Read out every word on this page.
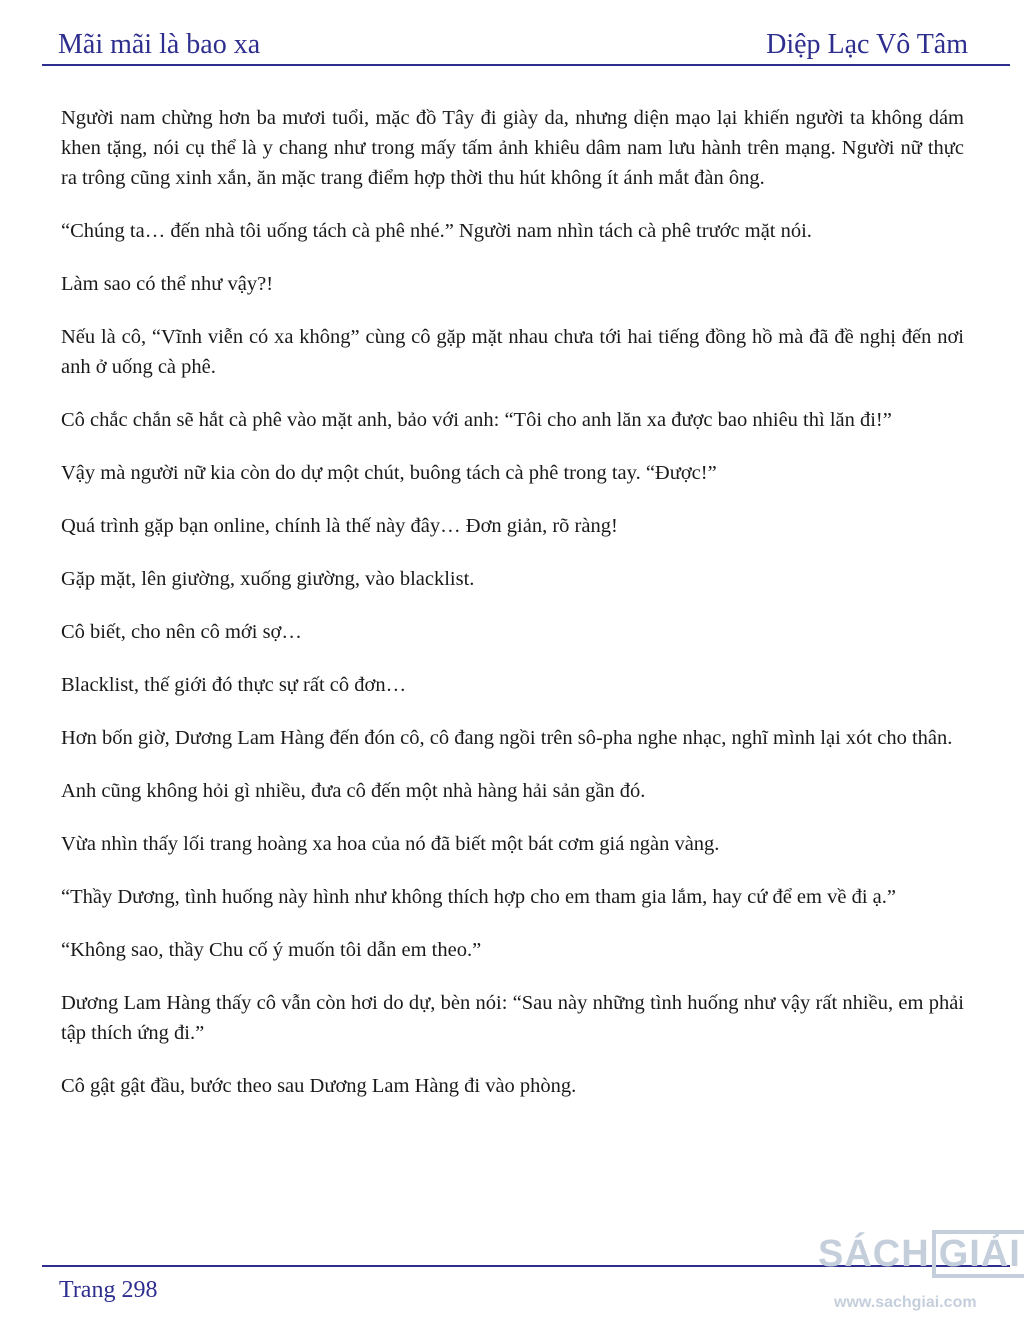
Mãi mãi là bao xa	Diệp Lạc Vô Tâm

Người nam chừng hơn ba mươi tuổi, mặc đồ Tây đi giày da, nhưng diện mạo lại khiến người ta không dám khen tặng, nói cụ thể là y chang như trong mấy tấm ảnh khiêu dâm nam lưu hành trên mạng. Người nữ thực ra trông cũng xinh xắn, ăn mặc trang điểm hợp thời thu hút không ít ánh mắt đàn ông.

“Chúng ta… đến nhà tôi uống tách cà phê nhé.” Người nam nhìn tách cà phê trước mặt nói.

Làm sao có thể như vậy?!

Nếu là cô, “Vĩnh viễn có xa không” cùng cô gặp mặt nhau chưa tới hai tiếng đồng hồ mà đã đề nghị đến nơi anh ở uống cà phê.

Cô chắc chắn sẽ hắt cà phê vào mặt anh, bảo với anh: “Tôi cho anh lăn xa được bao nhiêu thì lăn đi!”

Vậy mà người nữ kia còn do dự một chút, buông tách cà phê trong tay. “Được!”

Quá trình gặp bạn online, chính là thế này đây… Đơn giản, rõ ràng!

Gặp mặt, lên giường, xuống giường, vào blacklist.

Cô biết, cho nên cô mới sợ…

Blacklist, thế giới đó thực sự rất cô đơn…

Hơn bốn giờ, Dương Lam Hàng đến đón cô, cô đang ngồi trên sô-pha nghe nhạc, nghĩ mình lại xót cho thân.

Anh cũng không hỏi gì nhiều, đưa cô đến một nhà hàng hải sản gần đó.

Vừa nhìn thấy lối trang hoàng xa hoa của nó đã biết một bát cơm giá ngàn vàng.

“Thầy Dương, tình huống này hình như không thích hợp cho em tham gia lắm, hay cứ để em về đi ạ.”

“Không sao, thầy Chu cố ý muốn tôi dẫn em theo.”

Dương Lam Hàng thấy cô vẫn còn hơi do dự, bèn nói: “Sau này những tình huống như vậy rất nhiều, em phải tập thích ứng đi.”

Cô gật gật đầu, bước theo sau Dương Lam Hàng đi vào phòng.

Trang 298
SÁCH GIẢI
www.sachgiai.com
